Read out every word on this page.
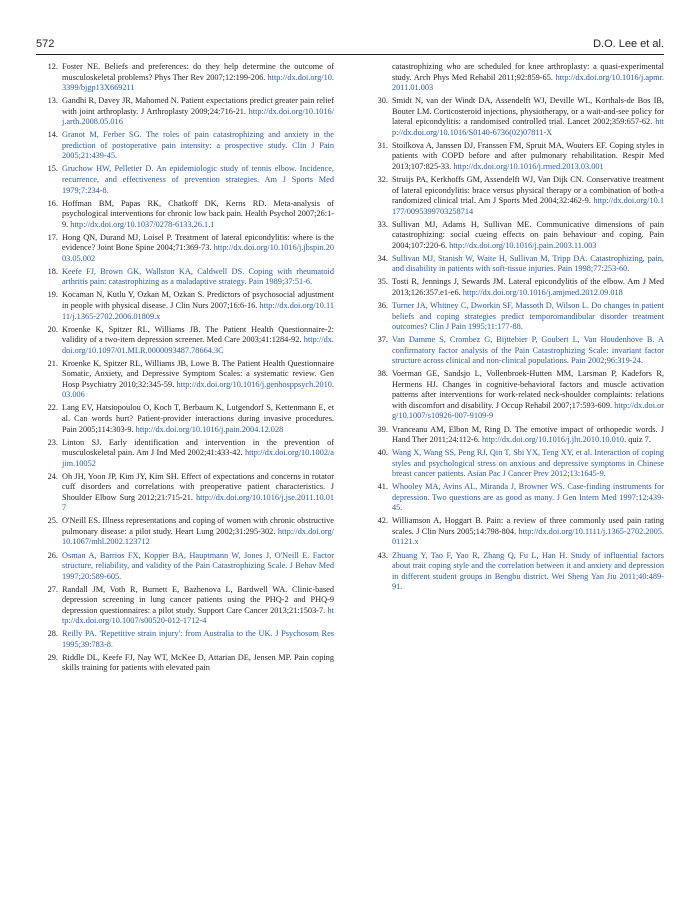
572	D.O. Lee et al.
12. Foster NE. Beliefs and preferences: do they help determine the outcome of musculoskeletal problems? Phys Ther Rev 2007;12:199-206. http://dx.doi.org/10.3399/bjgp13X669211
13. Gandhi R, Davey JR, Mahomed N. Patient expectations predict greater pain relief with joint arthroplasty. J Arthroplasty 2009;24:716-21. http://dx.doi.org/10.1016/j.arth.2008.05.016
14. Granot M, Ferber SG. The roles of pain catastrophizing and anxiety in the prediction of postoperative pain intensity: a prospective study. Clin J Pain 2005;21:439-45.
15. Gruchow HW, Pelletier D. An epidemiologic study of tennis elbow. Incidence, recurrence, and effectiveness of prevention strategies. Am J Sports Med 1979;7:234-8.
16. Hoffman BM, Papas RK, Chatkoff DK, Kerns RD. Meta-analysis of psychological interventions for chronic low back pain. Health Psychol 2007;26:1-9. http://dx.doi.org/10.1037/0278-6133.26.1.1
17. Hong QN, Durand MJ, Loisel P. Treatment of lateral epicondylitis: where is the evidence? Joint Bone Spine 2004;71:369-73. http://dx.doi.org/10.1016/j.jbspin.2003.05.002
18. Keefe FJ, Brown GK, Wallston KA, Caldwell DS. Coping with rheumatoid arthritis pain: catastrophizing as a maladaptive strategy. Pain 1989;37:51-6.
19. Kocaman N, Kutlu Y, Ozkan M, Ozkan S. Predictors of psychosocial adjustment in people with physical disease. J Clin Nurs 2007;16:6-16. http://dx.doi.org/10.1111/j.1365-2702.2006.01809.x
20. Kroenke K, Spitzer RL, Williams JB. The Patient Health Questionnaire-2: validity of a two-item depression screener. Med Care 2003;41:1284-92. http://dx.doi.org/10.1097/01.MLR.0000093487.78664.3C
21. Kroenke K, Spitzer RL, Williams JB, Lowe B. The Patient Health Questionnaire Somatic, Anxiety, and Depressive Symptom Scales: a systematic review. Gen Hosp Psychiatry 2010;32:345-59. http://dx.doi.org/10.1016/j.genhosppsych.2010.03.006
22. Lang EV, Hatsiopoulou O, Koch T, Berbaum K, Lutgendorf S, Kettenmann E, et al. Can words hurt? Patient-provider interactions during invasive procedures. Pain 2005;114:303-9. http://dx.doi.org/10.1016/j.pain.2004.12.028
23. Linton SJ. Early identification and intervention in the prevention of musculoskeletal pain. Am J Ind Med 2002;41:433-42. http://dx.doi.org/10.1002/ajim.10052
24. Oh JH, Yoon JP, Kim JY, Kim SH. Effect of expectations and concerns in rotator cuff disorders and correlations with preoperative patient characteristics. J Shoulder Elbow Surg 2012;21:715-21. http://dx.doi.org/10.1016/j.jse.2011.10.017
25. O'Neill ES. Illness representations and coping of women with chronic obstructive pulmonary disease: a pilot study. Heart Lung 2002;31:295-302. http://dx.doi.org/10.1067/mhl.2002.123712
26. Osman A, Barrios FX, Kopper BA, Hauptmann W, Jones J, O'Neill E. Factor structure, reliability, and validity of the Pain Catastrophizing Scale. J Behav Med 1997;20:589-605.
27. Randall JM, Voth R, Burnett E, Bazhenova L, Bardwell WA. Clinic-based depression screening in lung cancer patients using the PHQ-2 and PHQ-9 depression questionnaires: a pilot study. Support Care Cancer 2013;21:1503-7. http://dx.doi.org/10.1007/s00520-012-1712-4
28. Reilly PA. 'Repetitive strain injury': from Australia to the UK. J Psychosom Res 1995;39:783-8.
29. Riddle DL, Keefe FJ, Nay WT, McKee D, Attarian DE, Jensen MP. Pain coping skills training for patients with elevated pain
catastrophizing who are scheduled for knee arthroplasty: a quasi-experimental study. Arch Phys Med Rehabil 2011;92:859-65. http://dx.doi.org/10.1016/j.apmr.2011.01.003
30. Smidt N, van der Windt DA, Assendelft WJ, Deville WL, Korthals-de Bos IB, Bouter LM. Corticosteroid injections, physiotherapy, or a wait-and-see policy for lateral epicondylitis: a randomised controlled trial. Lancet 2002;359:657-62. http://dx.doi.org/10.1016/S0140-6736(02)07811-X
31. Stoilkova A, Janssen DJ, Franssen FM, Spruit MA, Wouters EF. Coping styles in patients with COPD before and after pulmonary rehabilitation. Respir Med 2013;107:825-33. http://dx.doi.org/10.1016/j.rmed.2013.03.001
32. Struijs PA, Kerkhoffs GM, Assendelft WJ, Van Dijk CN. Conservative treatment of lateral epicondylitis: brace versus physical therapy or a combination of both-a randomized clinical trial. Am J Sports Med 2004;32:462-9. http://dx.doi.org/10.1177/0095399703258714
33. Sullivan MJ, Adams H, Sullivan ME. Communicative dimensions of pain catastrophizing: social cueing effects on pain behaviour and coping. Pain 2004;107:220-6. http://dx.doi.org/10.1016/j.pain.2003.11.003
34. Sullivan MJ, Stanish W, Waite H, Sullivan M, Tripp DA. Catastrophizing, pain, and disability in patients with soft-tissue injuries. Pain 1998;77:253-60.
35. Tosti R, Jennings J, Sewards JM. Lateral epicondylitis of the elbow. Am J Med 2013;126:357.e1-e6. http://dx.doi.org/10.1016/j.amjmed.2012.09.018
36. Turner JA, Whitney C, Dworkin SF, Massoth D, Wilson L. Do changes in patient beliefs and coping strategies predict temporomandibular disorder treatment outcomes? Clin J Pain 1995;11:177-88.
37. Van Damme S, Crombez G, Bijttebier P, Goubert L, Van Houdenhove B. A confirmatory factor analysis of the Pain Catastrophizing Scale: invariant factor structure across clinical and non-clinical populations. Pain 2002;96:319-24.
38. Voerman GE, Sandsjo L, Vollenbroek-Hutten MM, Larsman P, Kadefors R, Hermens HJ. Changes in cognitive-behavioral factors and muscle activation patterns after interventions for work-related neck-shoulder complaints: relations with discomfort and disability. J Occup Rehabil 2007;17:593-609. http://dx.doi.org/10.1007/s10926-007-9109-9
39. Vranceanu AM, Elbon M, Ring D. The emotive impact of orthopedic words. J Hand Ther 2011;24:112-6. http://dx.doi.org/10.1016/j.jht.2010.10.010. quiz 7.
40. Wang X, Wang SS, Peng RJ, Qin T, Shi YX, Teng XY, et al. Interaction of coping styles and psychological stress on anxious and depressive symptoms in Chinese breast cancer patients. Asian Pac J Cancer Prev 2012;13:1645-9.
41. Whooley MA, Avins AL, Miranda J, Browner WS. Case-finding instruments for depression. Two questions are as good as many. J Gen Intern Med 1997;12:439-45.
42. Williamson A, Hoggart B. Pain: a review of three commonly used pain rating scales. J Clin Nurs 2005;14:798-804. http://dx.doi.org/10.1111/j.1365-2702.2005.01121.x
43. Zhuang Y, Tao F, Yao R, Zhang Q, Fu L, Han H. Study of influential factors about trait coping style and the correlation between it and anxiety and depression in different student groups in Bengbu district. Wei Sheng Yan Jiu 2011;40:489-91.
